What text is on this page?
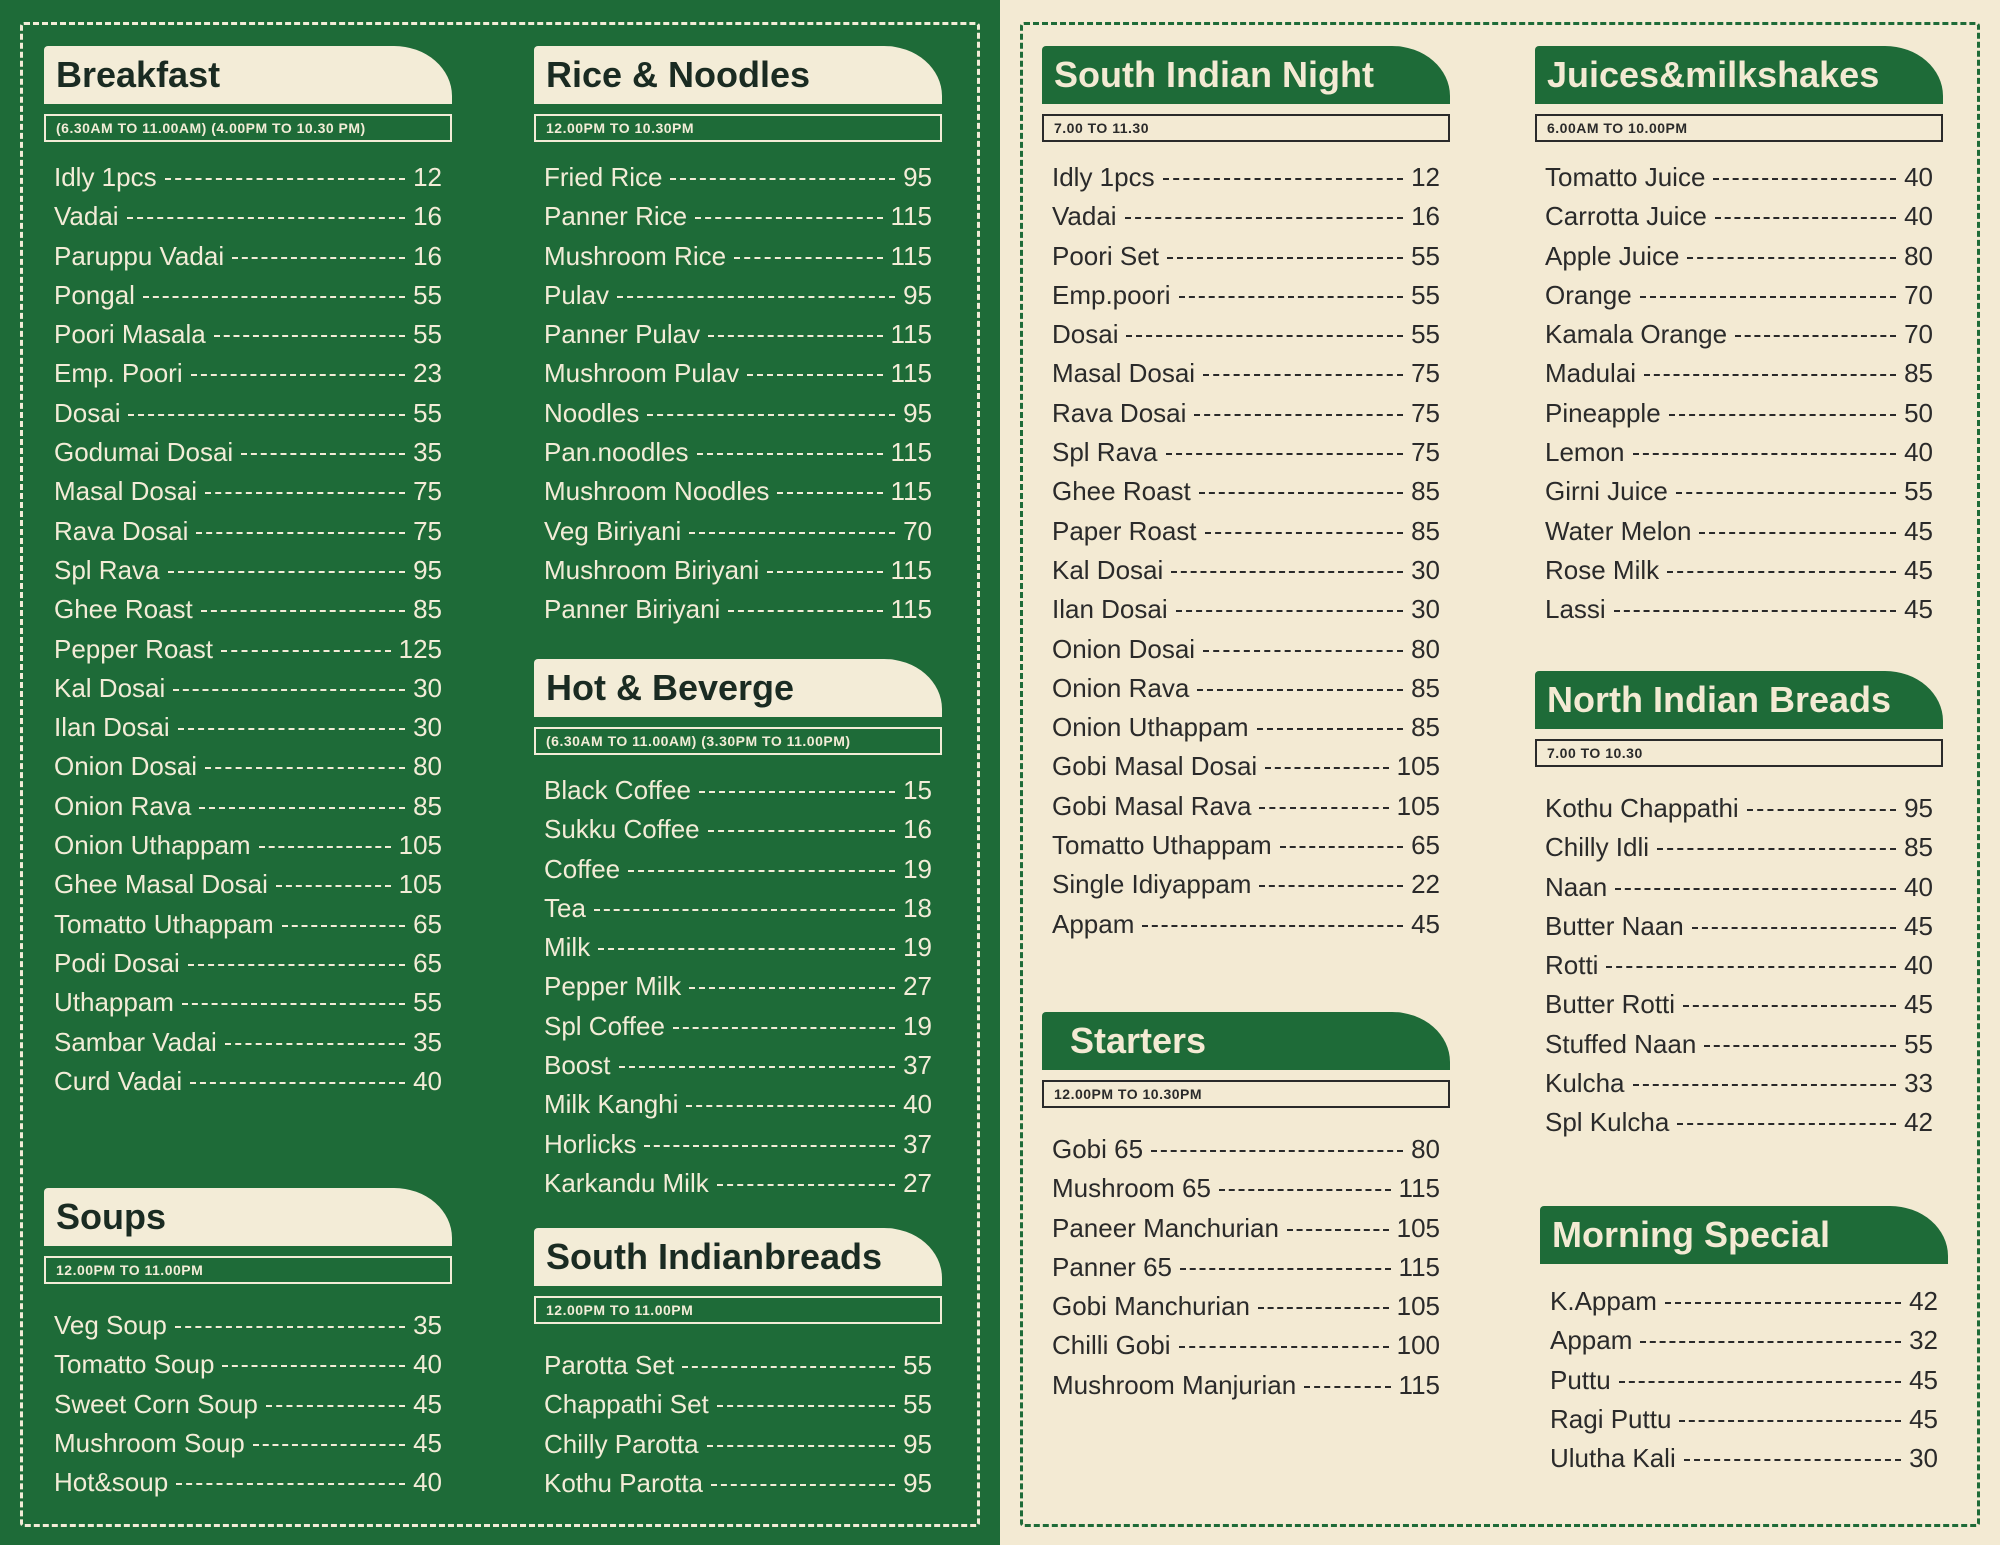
Breakfast
(6.30AM TO 11.00AM) (4.00PM TO 10.30 PM)
Idly 1pcs	12
Vadai	16
Paruppu Vadai	16
Pongal	55
Poori Masala	55
Emp. Poori	23
Dosai	55
Godumai Dosai	35
Masal Dosai	75
Rava Dosai	75
Spl Rava	95
Ghee Roast	85
Pepper Roast	125
Kal Dosai	30
Ilan Dosai	30
Onion Dosai	80
Onion Rava	85
Onion Uthappam	105
Ghee Masal Dosai	105
Tomatto Uthappam	65
Podi Dosai	65
Uthappam	55
Sambar Vadai	35
Curd Vadai	40
Soups
12.00PM TO 11.00PM
Veg Soup	35
Tomatto Soup	40
Sweet Corn Soup	45
Mushroom Soup	45
Hot&soup	40
Rice & Noodles
12.00PM TO 10.30PM
Fried Rice	95
Panner Rice	115
Mushroom Rice	115
Pulav	95
Panner Pulav	115
Mushroom Pulav	115
Noodles	95
Pan.noodles	115
Mushroom Noodles	115
Veg Biriyani	70
Mushroom Biriyani	115
Panner Biriyani	115
Hot & Beverge
(6.30AM TO 11.00AM) (3.30PM TO 11.00PM)
Black Coffee	15
Sukku Coffee	16
Coffee	19
Tea	18
Milk	19
Pepper Milk	27
Spl Coffee	19
Boost	37
Milk Kanghi	40
Horlicks	37
Karkandu Milk	27
South Indianbreads
12.00PM TO 11.00PM
Parotta Set	55
Chappathi Set	55
Chilly Parotta	95
Kothu Parotta	95
South Indian Night
7.00 TO 11.30
Idly 1pcs	12
Vadai	16
Poori Set	55
Emp.poori	55
Dosai	55
Masal Dosai	75
Rava Dosai	75
Spl Rava	75
Ghee Roast	85
Paper Roast	85
Kal Dosai	30
Ilan Dosai	30
Onion Dosai	80
Onion Rava	85
Onion Uthappam	85
Gobi Masal Dosai	105
Gobi Masal Rava	105
Tomatto Uthappam	65
Single Idiyappam	22
Appam	45
Starters
12.00PM TO 10.30PM
Gobi 65	80
Mushroom 65	115
Paneer Manchurian	105
Panner 65	115
Gobi Manchurian	105
Chilli Gobi	100
Mushroom Manjurian	115
Juices&milkshakes
6.00AM TO 10.00PM
Tomatto Juice	40
Carrotta Juice	40
Apple Juice	80
Orange	70
Kamala Orange	70
Madulai	85
Pineapple	50
Lemon	40
Girni Juice	55
Water Melon	45
Rose Milk	45
Lassi	45
North Indian Breads
7.00 TO 10.30
Kothu Chappathi	95
Chilly Idli	85
Naan	40
Butter Naan	45
Rotti	40
Butter Rotti	45
Stuffed Naan	55
Kulcha	33
Spl Kulcha	42
Morning Special
K.Appam	42
Appam	32
Puttu	45
Ragi Puttu	45
Ulutha Kali	30
